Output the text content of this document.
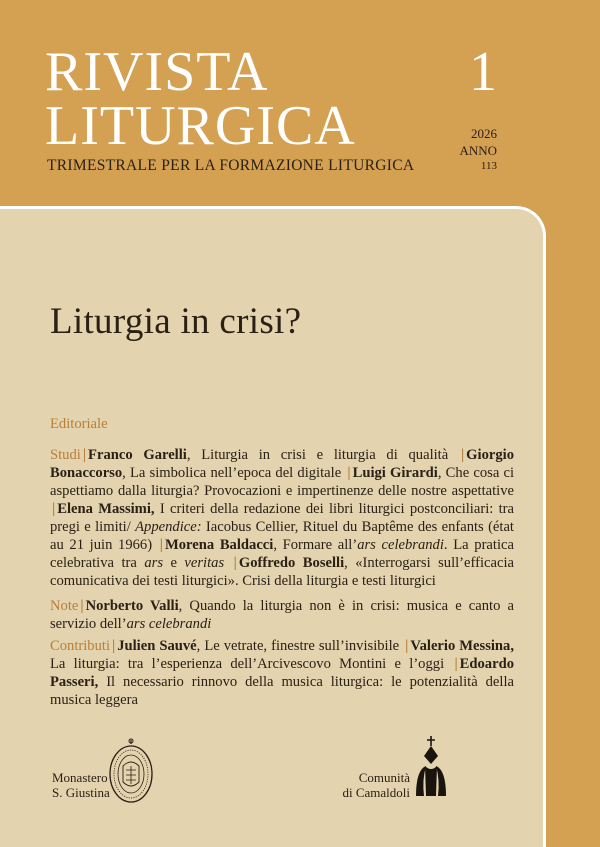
RIVISTA
LITURGICA

TRIMESTRALE PER LA FORMAZIONE LITURGICA

1
2026
ANNO
113
Liturgia in crisi?

Editoriale

Studi | Franco Garelli, Liturgia in crisi e liturgia di qualità | Giorgio Bonaccorso, La simbolica nell’epoca del digitale | Luigi Girardi, Che cosa ci aspettiamo dalla liturgia? Provocazioni e impertinenze delle nostre aspettative | Elena Massimi, I criteri della redazione dei libri liturgici postconciliari: tra pregi e limiti/ Appendice: Iacobus Cellier, Rituel du Baptême des enfants (état au 21 juin 1966) | Morena Baldacci, Formare all’ars celebrandi. La pratica celebrativa tra ars e veritas | Goffredo Boselli, «Interrogarsi sull’efficacia comunicativa dei testi liturgici». Crisi della liturgia e testi liturgici

Note | Norberto Valli, Quando la liturgia non è in crisi: musica e canto a servizio dell’ars celebrandi

Contributi | Julien Sauvé, Le vetrate, finestre sull’invisibile | Valerio Messina, La liturgia: tra l’esperienza dell’Arcivescovo Montini e l’oggi | Edoardo Passeri, Il necessario rinnovo della musica liturgica: le potenzialità della musica leggera

Monastero
S. Giustina
Comunità
di Camaldoli
